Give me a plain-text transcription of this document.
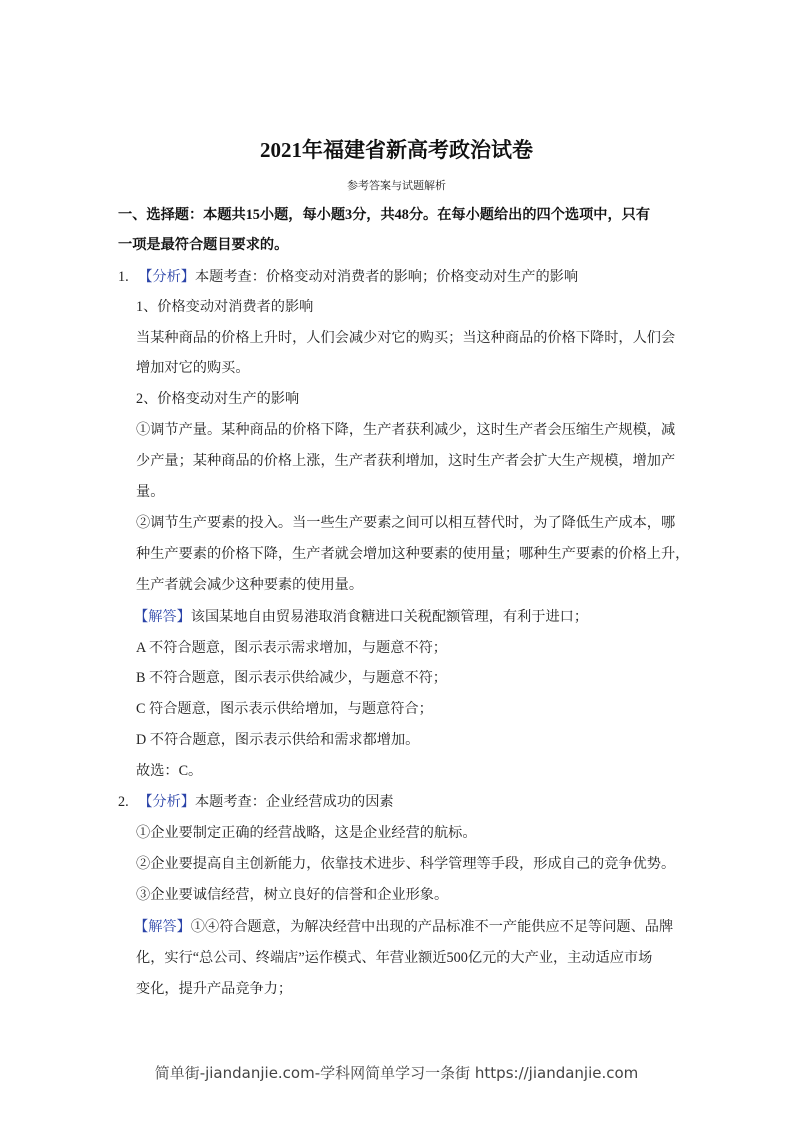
2021年福建省新高考政治试卷
参考答案与试题解析
一、选择题：本题共15小题，每小题3分，共48分。在每小题给出的四个选项中，只有
一项是最符合题目要求的。
1. 【分析】本题考查：价格变动对消费者的影响；价格变动对生产的影响
1、价格变动对消费者的影响
当某种商品的价格上升时，人们会减少对它的购买；当这种商品的价格下降时，人们会
增加对它的购买。
2、价格变动对生产的影响
①调节产量。某种商品的价格下降，生产者获利减少，这时生产者会压缩生产规模，减
少产量；某种商品的价格上涨，生产者获利增加，这时生产者会扩大生产规模，增加产
量。
②调节生产要素的投入。当一些生产要素之间可以相互替代时，为了降低生产成本，哪
种生产要素的价格下降，生产者就会增加这种要素的使用量；哪种生产要素的价格上升，
生产者就会减少这种要素的使用量。
【解答】该国某地自由贸易港取消食糖进口关税配额管理，有利于进口；
A 不符合题意，图示表示需求增加，与题意不符；
B 不符合题意，图示表示供给减少，与题意不符；
C 符合题意，图示表示供给增加，与题意符合；
D 不符合题意，图示表示供给和需求都增加。
故选：C。
2. 【分析】本题考查：企业经营成功的因素
①企业要制定正确的经营战略，这是企业经营的航标。
②企业要提高自主创新能力，依靠技术进步、科学管理等手段，形成自己的竞争优势。
③企业要诚信经营，树立良好的信誉和企业形象。
【解答】①④符合题意，为解决经营中出现的产品标准不一产能供应不足等问题、品牌
化，实行“总公司、终端店”运作模式、年营业额近500亿元的大产业，主动适应市场
变化，提升产品竞争力；
简单街-jiandanjie.com-学科网简单学习一条街 https://jiandanjie.com
